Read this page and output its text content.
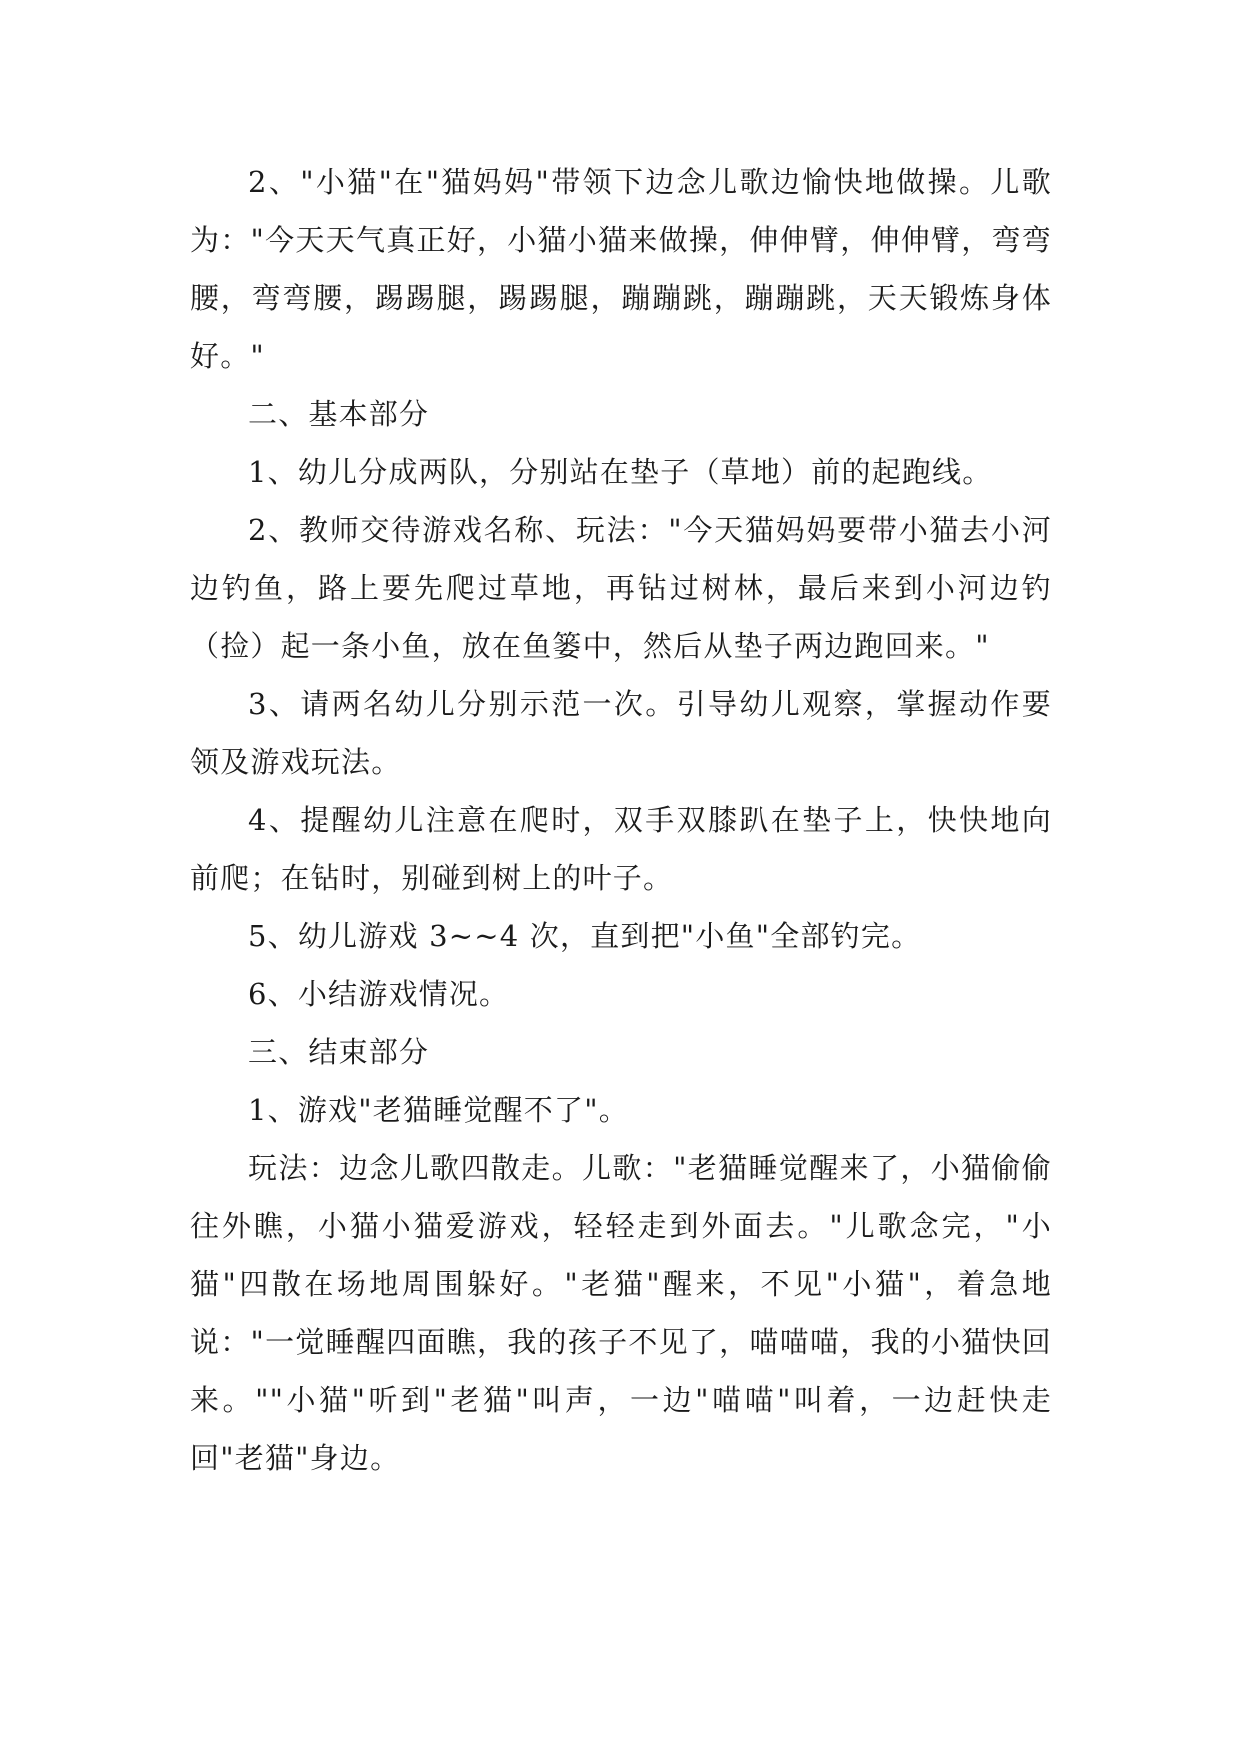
2、"小猫"在"猫妈妈"带领下边念儿歌边愉快地做操。儿歌为："今天天气真正好，小猫小猫来做操，伸伸臂，伸伸臂，弯弯腰，弯弯腰，踢踢腿，踢踢腿，蹦蹦跳，蹦蹦跳，天天锻炼身体好。"

二、基本部分

1、幼儿分成两队，分别站在垫子（草地）前的起跑线。

2、教师交待游戏名称、玩法："今天猫妈妈要带小猫去小河边钓鱼，路上要先爬过草地，再钻过树林，最后来到小河边钓（捡）起一条小鱼，放在鱼篓中，然后从垫子两边跑回来。"

3、请两名幼儿分别示范一次。引导幼儿观察，掌握动作要领及游戏玩法。

4、提醒幼儿注意在爬时，双手双膝趴在垫子上，快快地向前爬；在钻时，别碰到树上的叶子。

5、幼儿游戏 3~~4 次，直到把"小鱼"全部钓完。

6、小结游戏情况。

三、结束部分

1、游戏"老猫睡觉醒不了"。

玩法：边念儿歌四散走。儿歌："老猫睡觉醒来了，小猫偷偷往外瞧，小猫小猫爱游戏，轻轻走到外面去。"儿歌念完，"小猫"四散在场地周围躲好。"老猫"醒来，不见"小猫"，着急地说："一觉睡醒四面瞧，我的孩子不见了，喵喵喵，我的小猫快回来。""小猫"听到"老猫"叫声，一边"喵喵"叫着，一边赶快走回"老猫"身边。
